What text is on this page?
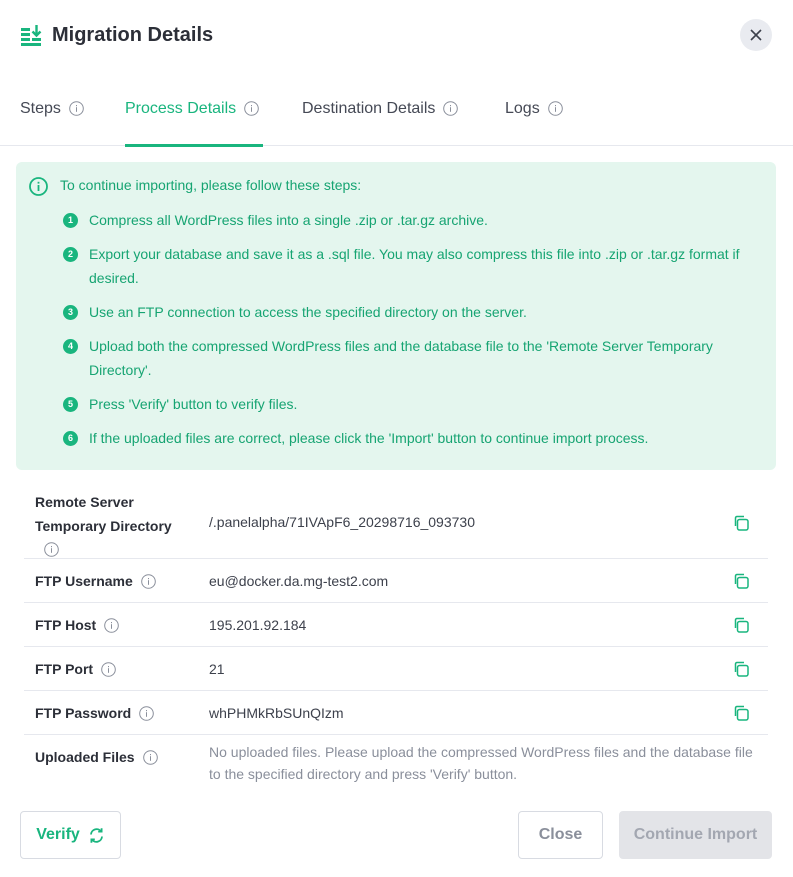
Migration Details
Steps	Process Details	Destination Details	Logs
To continue importing, please follow these steps:
1	Compress all WordPress files into a single .zip or .tar.gz archive.
2	Export your database and save it as a .sql file. You may also compress this file into .zip or .tar.gz format if desired.
3	Use an FTP connection to access the specified directory on the server.
4	Upload both the compressed WordPress files and the database file to the 'Remote Server Temporary Directory'.
5	Press 'Verify' button to verify files.
6	If the uploaded files are correct, please click the 'Import' button to continue import process.
Remote Server Temporary Directory	/.panelalpha/71IVApF6_20298716_093730
FTP Username	eu@docker.da.mg-test2.com
FTP Host	195.201.92.184
FTP Port	21
FTP Password	whPHMkRbSUnQIzm
Uploaded Files	No uploaded files. Please upload the compressed WordPress files and the database file to the specified directory and press 'Verify' button.
Verify	Close	Continue Import
